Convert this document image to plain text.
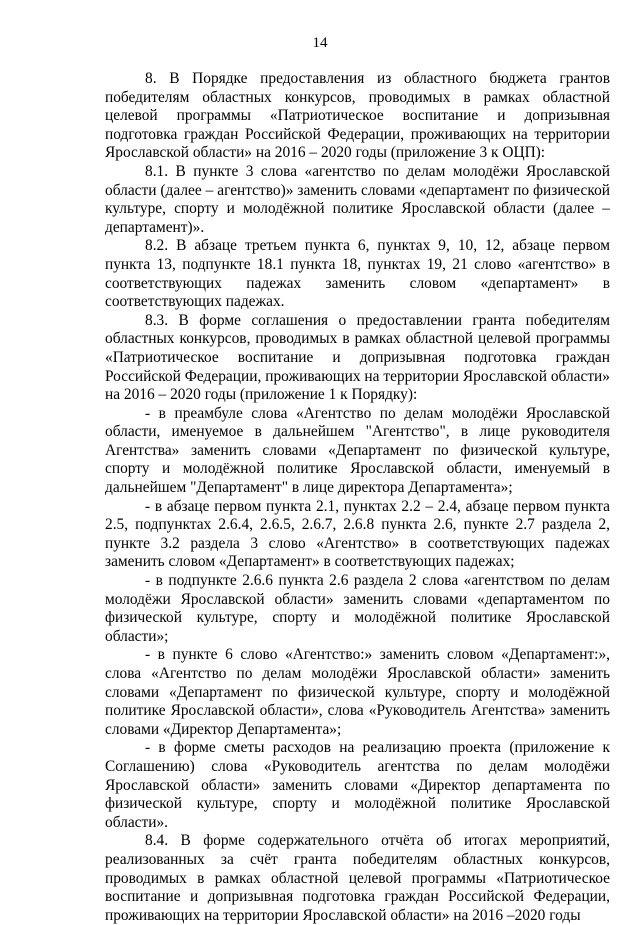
14

8. В Порядке предоставления из областного бюджета грантов победителям областных конкурсов, проводимых в рамках областной целевой программы «Патриотическое воспитание и допризывная подготовка граждан Российской Федерации, проживающих на территории Ярославской области» на 2016 – 2020 годы (приложение 3 к ОЦП):

8.1. В пункте 3 слова «агентство по делам молодёжи Ярославской области (далее – агентство)» заменить словами «департамент по физической культуре, спорту и молодёжной политике Ярославской области (далее – департамент)».

8.2. В абзаце третьем пункта 6, пунктах 9, 10, 12, абзаце первом пункта 13, подпункте 18.1 пункта 18, пунктах 19, 21 слово «агентство» в соответствующих падежах заменить словом «департамент» в соответствующих падежах.

8.3. В форме соглашения о предоставлении гранта победителям областных конкурсов, проводимых в рамках областной целевой программы «Патриотическое воспитание и допризывная подготовка граждан Российской Федерации, проживающих на территории Ярославской области» на 2016 – 2020 годы (приложение 1 к Порядку):

- в преамбуле слова «Агентство по делам молодёжи Ярославской области, именуемое в дальнейшем "Агентство", в лице руководителя Агентства» заменить словами «Департамент по физической культуре, спорту и молодёжной политике Ярославской области, именуемый в дальнейшем "Департамент" в лице директора Департамента»;

- в абзаце первом пункта 2.1, пунктах 2.2 – 2.4, абзаце первом пункта 2.5, подпунктах 2.6.4, 2.6.5, 2.6.7, 2.6.8 пункта 2.6, пункте 2.7 раздела 2, пункте 3.2 раздела 3 слово «Агентство» в соответствующих падежах заменить словом «Департамент» в соответствующих падежах;

- в подпункте 2.6.6 пункта 2.6 раздела 2 слова «агентством по делам молодёжи Ярославской области» заменить словами «департаментом по физической культуре, спорту и молодёжной политике Ярославской области»;

- в пункте 6 слово «Агентство:» заменить словом «Департамент:», слова «Агентство по делам молодёжи Ярославской области» заменить словами «Департамент по физической культуре, спорту и молодёжной политике Ярославской области», слова «Руководитель Агентства» заменить словами «Директор Департамента»;

- в форме сметы расходов на реализацию проекта (приложение к Соглашению) слова «Руководитель агентства по делам молодёжи Ярославской области» заменить словами «Директор департамента по физической культуре, спорту и молодёжной политике Ярославской области».

8.4. В форме содержательного отчёта об итогах мероприятий, реализованных за счёт гранта победителям областных конкурсов, проводимых в рамках областной целевой программы «Патриотическое воспитание и допризывная подготовка граждан Российской Федерации, проживающих на территории Ярославской области» на 2016 –2020 годы
